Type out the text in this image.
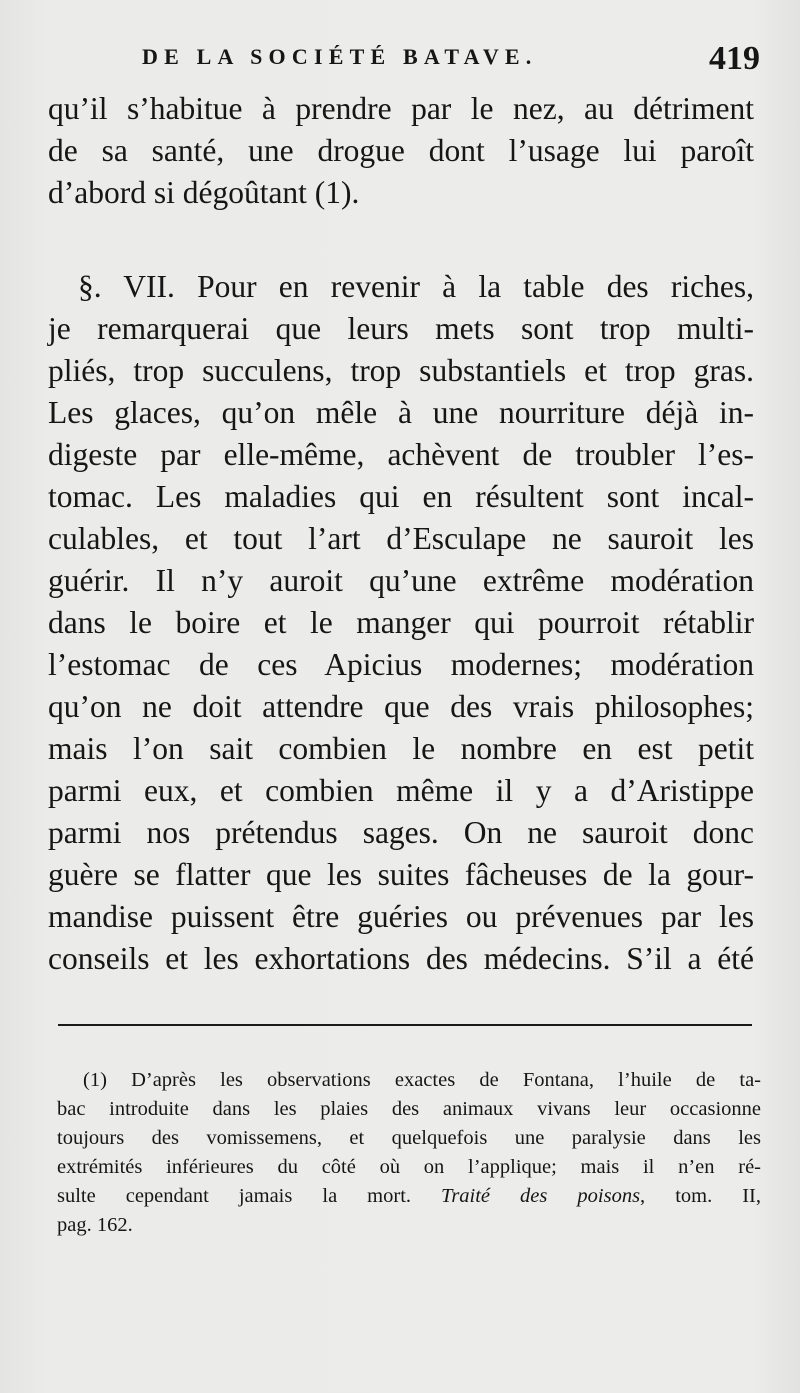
DE LA SOCIÉTÉ BATAVE.	419
qu’il s’habitue à prendre par le nez, au détriment
de sa santé, une drogue dont l’usage lui paroît
d’abord si dégoûtant (1).
§. VII. Pour en revenir à la table des riches,
je remarquerai que leurs mets sont trop multi-
pliés, trop succulens, trop substantiels et trop gras.
Les glaces, qu’on mêle à une nourriture déjà in-
digeste par elle-même, achèvent de troubler l’es-
tomac. Les maladies qui en résultent sont incal-
culables, et tout l’art d’Esculape ne sauroit les
guérir. Il n’y auroit qu’une extrême modération
dans le boire et le manger qui pourroit rétablir
l’estomac de ces Apicius modernes; modération
qu’on ne doit attendre que des vrais philosophes;
mais l’on sait combien le nombre en est petit
parmi eux, et combien même il y a d’Aristippe
parmi nos prétendus sages. On ne sauroit donc
guère se flatter que les suites fâcheuses de la gour-
mandise puissent être guéries ou prévenues par les
conseils et les exhortations des médecins. S’il a été
(1) D’après les observations exactes de Fontana, l’huile de ta-
bac introduite dans les plaies des animaux vivans leur occasionne
toujours des vomissemens, et quelquefois une paralysie dans les
extrémités inférieures du côté où on l’applique; mais il n’en ré-
sulte cependant jamais la mort. Traité des poisons, tom. II,
pag. 162.
